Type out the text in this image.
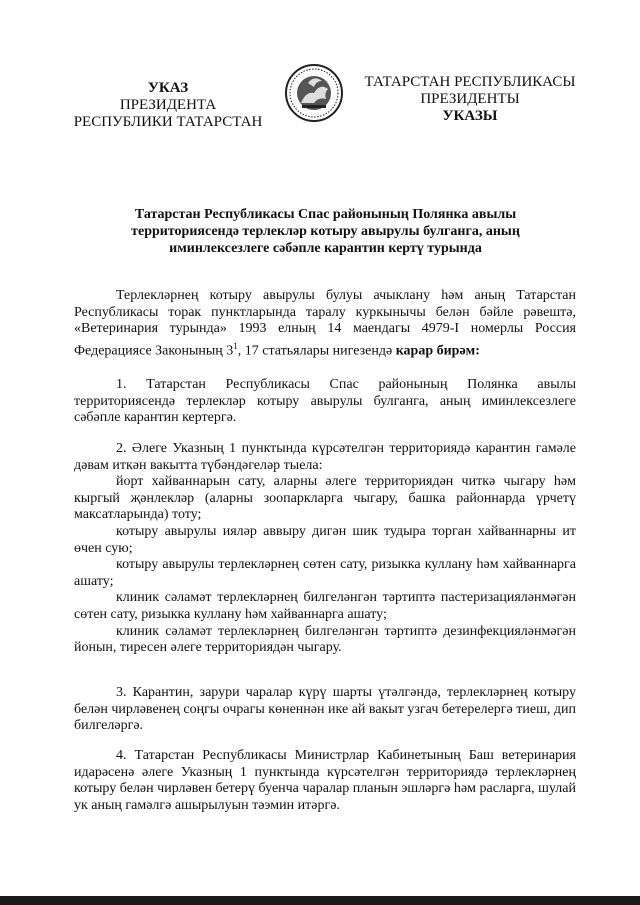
УКАЗ
ПРЕЗИДЕНТА
РЕСПУБЛИКИ ТАТАРСТАН
ТАТАРСТАН РЕСПУБЛИКАСЫ
ПРЕЗИДЕНТЫ
УКАЗЫ
Татарстан Республикасы Спас районының Полянка авылы
территориясендә терлекләр котыру авырулы булганга, аның
иминлексезлеге сәбәпле карантин кертү турында

Терлекләрнең котыру авырулы булуы ачыклану һәм аның Татарстан Республикасы торак пунктларында таралу куркынычы белән бәйле рәвештә, «Ветеринария турында» 1993 елның 14 маендагы 4979-I номерлы Россия Федерациясе Законының $3^1$, 17 статьялары нигезендә карар бирәм:

1. Татарстан Республикасы Спас районының Полянка авылы территориясендә терлекләр котыру авырулы булганга, аның иминлексезлеге сәбәпле карантин кертергә.

2. Әлеге Указның 1 пунктында күрсәтелгән территориядә карантин гамәле дәвам иткән вакытта түбәндәгеләр тыела:

йорт хайваннарын сату, аларны әлеге территориядән читкә чыгару һәм кыргый җәнлекләр (аларны зоопаркларга чыгару, башка районнарда үрчетү максатларында) тоту;

котыру авырулы ияләр аввыру дигән шик тудыра торган хайваннарны ит өчен сую;

котыру авырулы терлекләрнең сөтен сату, ризыкка куллану һәм хайваннарга ашату;

клиник сәламәт терлекләрнең билгеләнгән тәртиптә пастеризацияләнмәгән сөтен сату, ризыкка куллану һәм хайваннарга ашату;

клиник сәламәт терлекләрнең билгеләнгән тәртиптә дезинфекцияләнмәгән йонын, тиресен әлеге территориядән чыгару.

3. Карантин, зарури чаралар күрү шарты үтәлгәндә, терлекләрнең котыру белән чирләвенең соңгы очрагы көненнән ике ай вакыт узгач бетерелергә тиеш, дип билгеләргә.

4. Татарстан Республикасы Министрлар Кабинетының Баш ветеринария идарәсенә әлеге Указның 1 пунктында күрсәтелгән территориядә терлекләрнең котыру белән чирләвен бетерү буенча чаралар планын эшләргә һәм расларга, шулай ук аның гамәлгә ашырылуын тәэмин итәргә.
